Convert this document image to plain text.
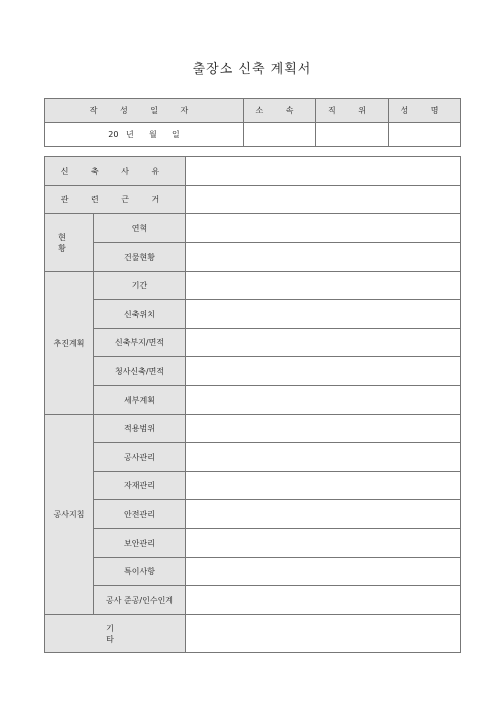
출장소 신축 계획서
작 성 일 자	소 속	직 위	성 명
20   년      월      일			
신 축 사 유		
관 련 근 거		
현 황	연혁	
	건물현황	
추진계획	기간	
	신축위치	
	신축부지/면적	
	청사신축/면적	
	세부계획	
공사지침	적용범위	
	공사관리	
	자재관리	
	안전관리	
	보안관리	
	특이사항	
	공사 준공/인수인계	
기 타		
